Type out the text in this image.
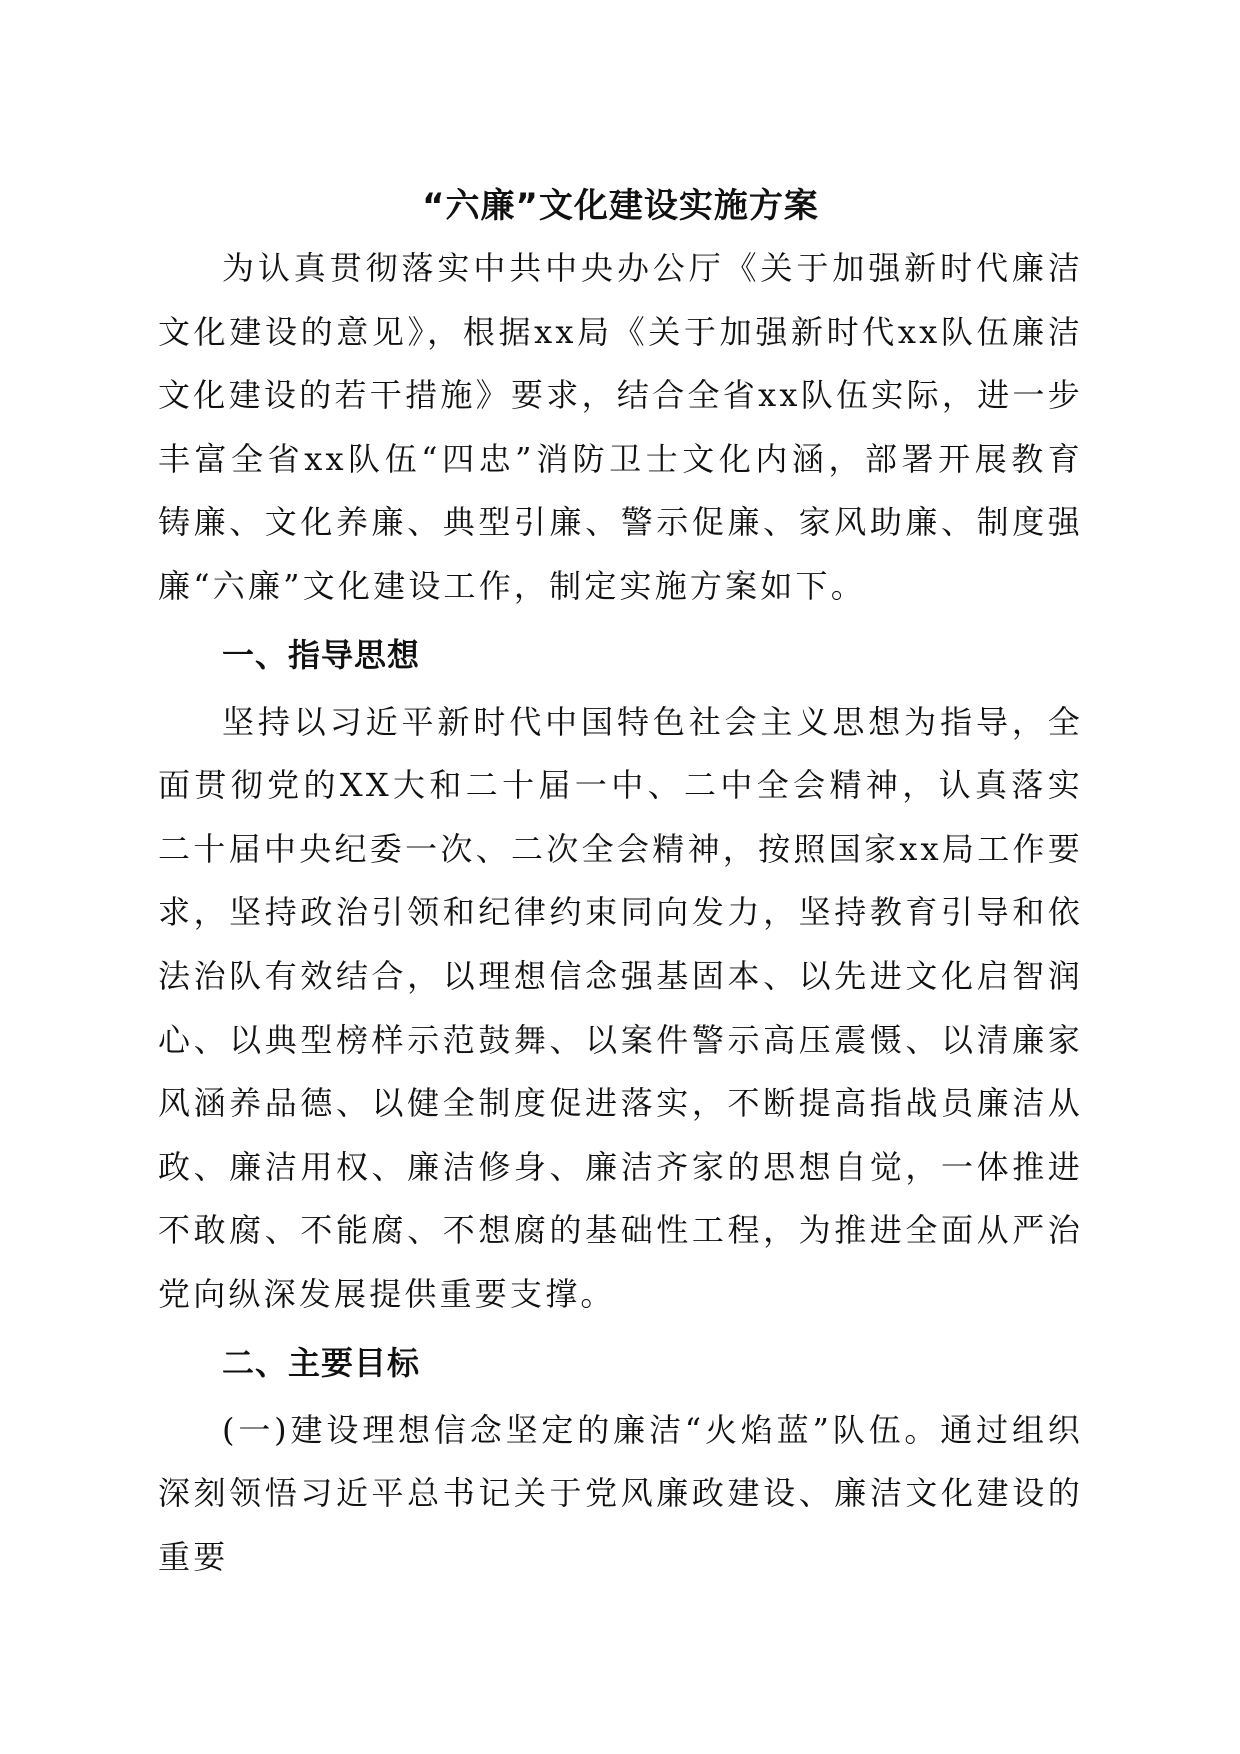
“六廉”文化建设实施方案

为认真贯彻落实中共中央办公厅《关于加强新时代廉洁文化建设的意见》，根据xx局《关于加强新时代xx队伍廉洁文化建设的若干措施》要求，结合全省xx队伍实际，进一步丰富全省xx队伍“四忠”消防卫士文化内涵，部署开展教育铸廉、文化养廉、典型引廉、警示促廉、家风助廉、制度强廉“六廉”文化建设工作，制定实施方案如下。

一、指导思想

坚持以习近平新时代中国特色社会主义思想为指导，全面贯彻党的XX大和二十届一中、二中全会精神，认真落实二十届中央纪委一次、二次全会精神，按照国家xx局工作要求，坚持政治引领和纪律约束同向发力，坚持教育引导和依法治队有效结合，以理想信念强基固本、以先进文化启智润心、以典型榜样示范鼓舞、以案件警示高压震慑、以清廉家风涵养品德、以健全制度促进落实，不断提高指战员廉洁从政、廉洁用权、廉洁修身、廉洁齐家的思想自觉，一体推进不敢腐、不能腐、不想腐的基础性工程，为推进全面从严治党向纵深发展提供重要支撑。

二、主要目标

(一)建设理想信念坚定的廉洁“火焰蓝”队伍。通过组织深刻领悟习近平总书记关于党风廉政建设、廉洁文化建设的重要
